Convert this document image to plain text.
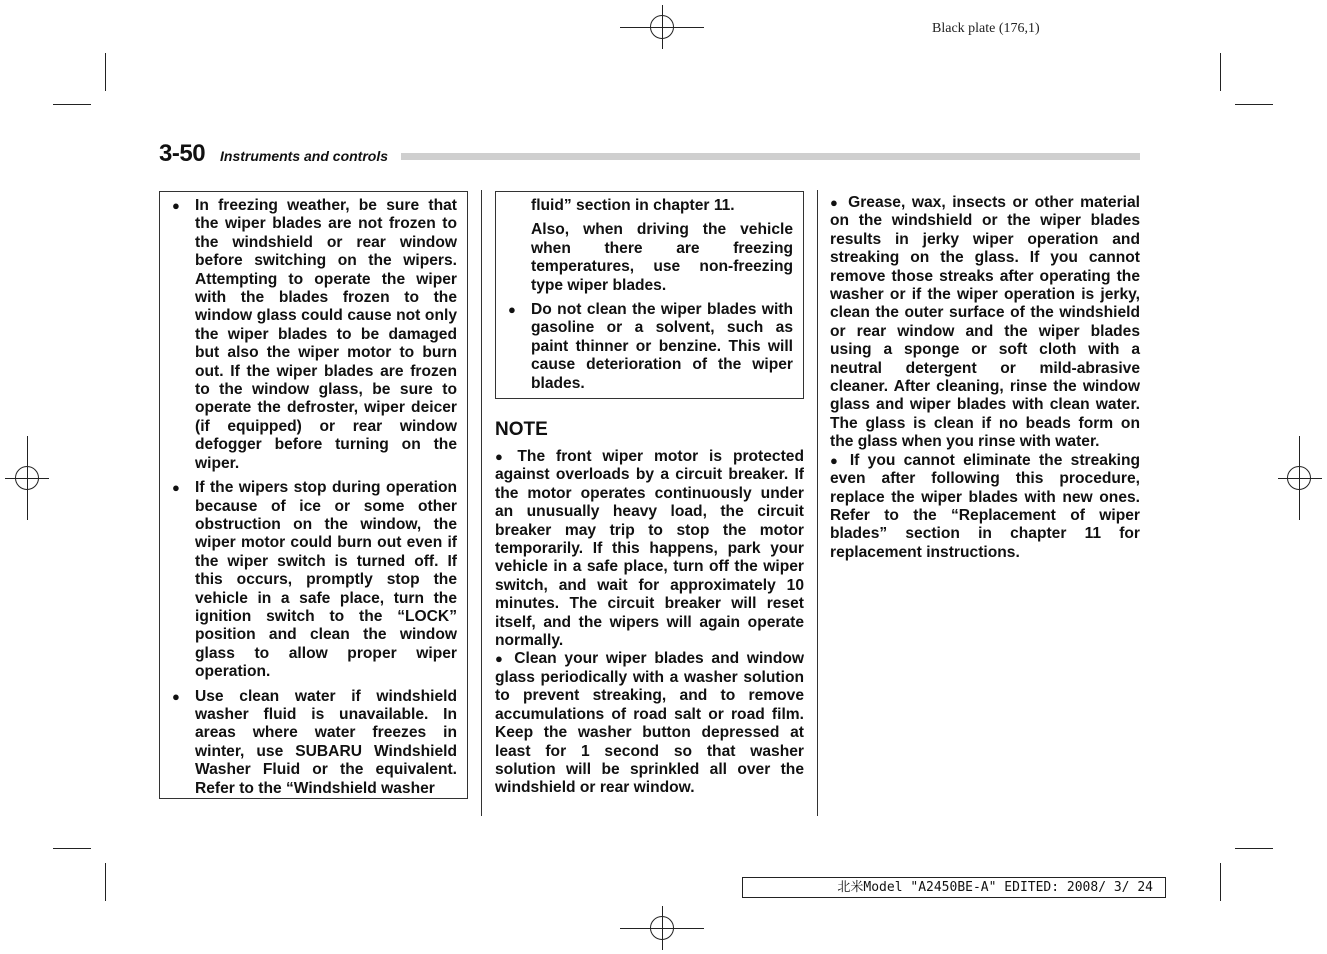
Black plate (176,1)
3-50 Instruments and controls
● In freezing weather, be sure that the wiper blades are not frozen to the windshield or rear window before switching on the wipers. Attempting to operate the wiper with the blades frozen to the window glass could cause not only the wiper blades to be damaged but also the wiper motor to burn out. If the wiper blades are frozen to the window glass, be sure to operate the defroster, wiper deicer (if equipped) or rear window defogger before turning on the wiper.
● If the wipers stop during operation because of ice or some other obstruction on the window, the wiper motor could burn out even if the wiper switch is turned off. If this occurs, promptly stop the vehicle in a safe place, turn the ignition switch to the “LOCK” position and clean the window glass to allow proper wiper operation.
● Use clean water if windshield washer fluid is unavailable. In areas where water freezes in winter, use SUBARU Windshield Washer Fluid or the equivalent. Refer to the “Windshield washer
fluid” section in chapter 11.
Also, when driving the vehicle when there are freezing temperatures, use non-freezing type wiper blades.
● Do not clean the wiper blades with gasoline or a solvent, such as paint thinner or benzine. This will cause deterioration of the wiper blades.
NOTE

● The front wiper motor is protected against overloads by a circuit breaker. If the motor operates continuously under an unusually heavy load, the circuit breaker may trip to stop the motor temporarily. If this happens, park your vehicle in a safe place, turn off the wiper switch, and wait for approximately 10 minutes. The circuit breaker will reset itself, and the wipers will again operate normally.

● Clean your wiper blades and window glass periodically with a washer solution to prevent streaking, and to remove accumulations of road salt or road film. Keep the washer button depressed at least for 1 second so that washer solution will be sprinkled all over the windshield or rear window.

● Grease, wax, insects or other material on the windshield or the wiper blades results in jerky wiper operation and streaking on the glass. If you cannot remove those streaks after operating the washer or if the wiper operation is jerky, clean the outer surface of the windshield or rear window and the wiper blades using a sponge or soft cloth with a neutral detergent or mild-abrasive cleaner. After cleaning, rinse the window glass and wiper blades with clean water. The glass is clean if no beads form on the glass when you rinse with water.

● If you cannot eliminate the streaking even after following this procedure, replace the wiper blades with new ones. Refer to the “Replacement of wiper blades” section in chapter 11 for replacement instructions.

北米Model "A2450BE-A" EDITED: 2008/ 3/ 24
